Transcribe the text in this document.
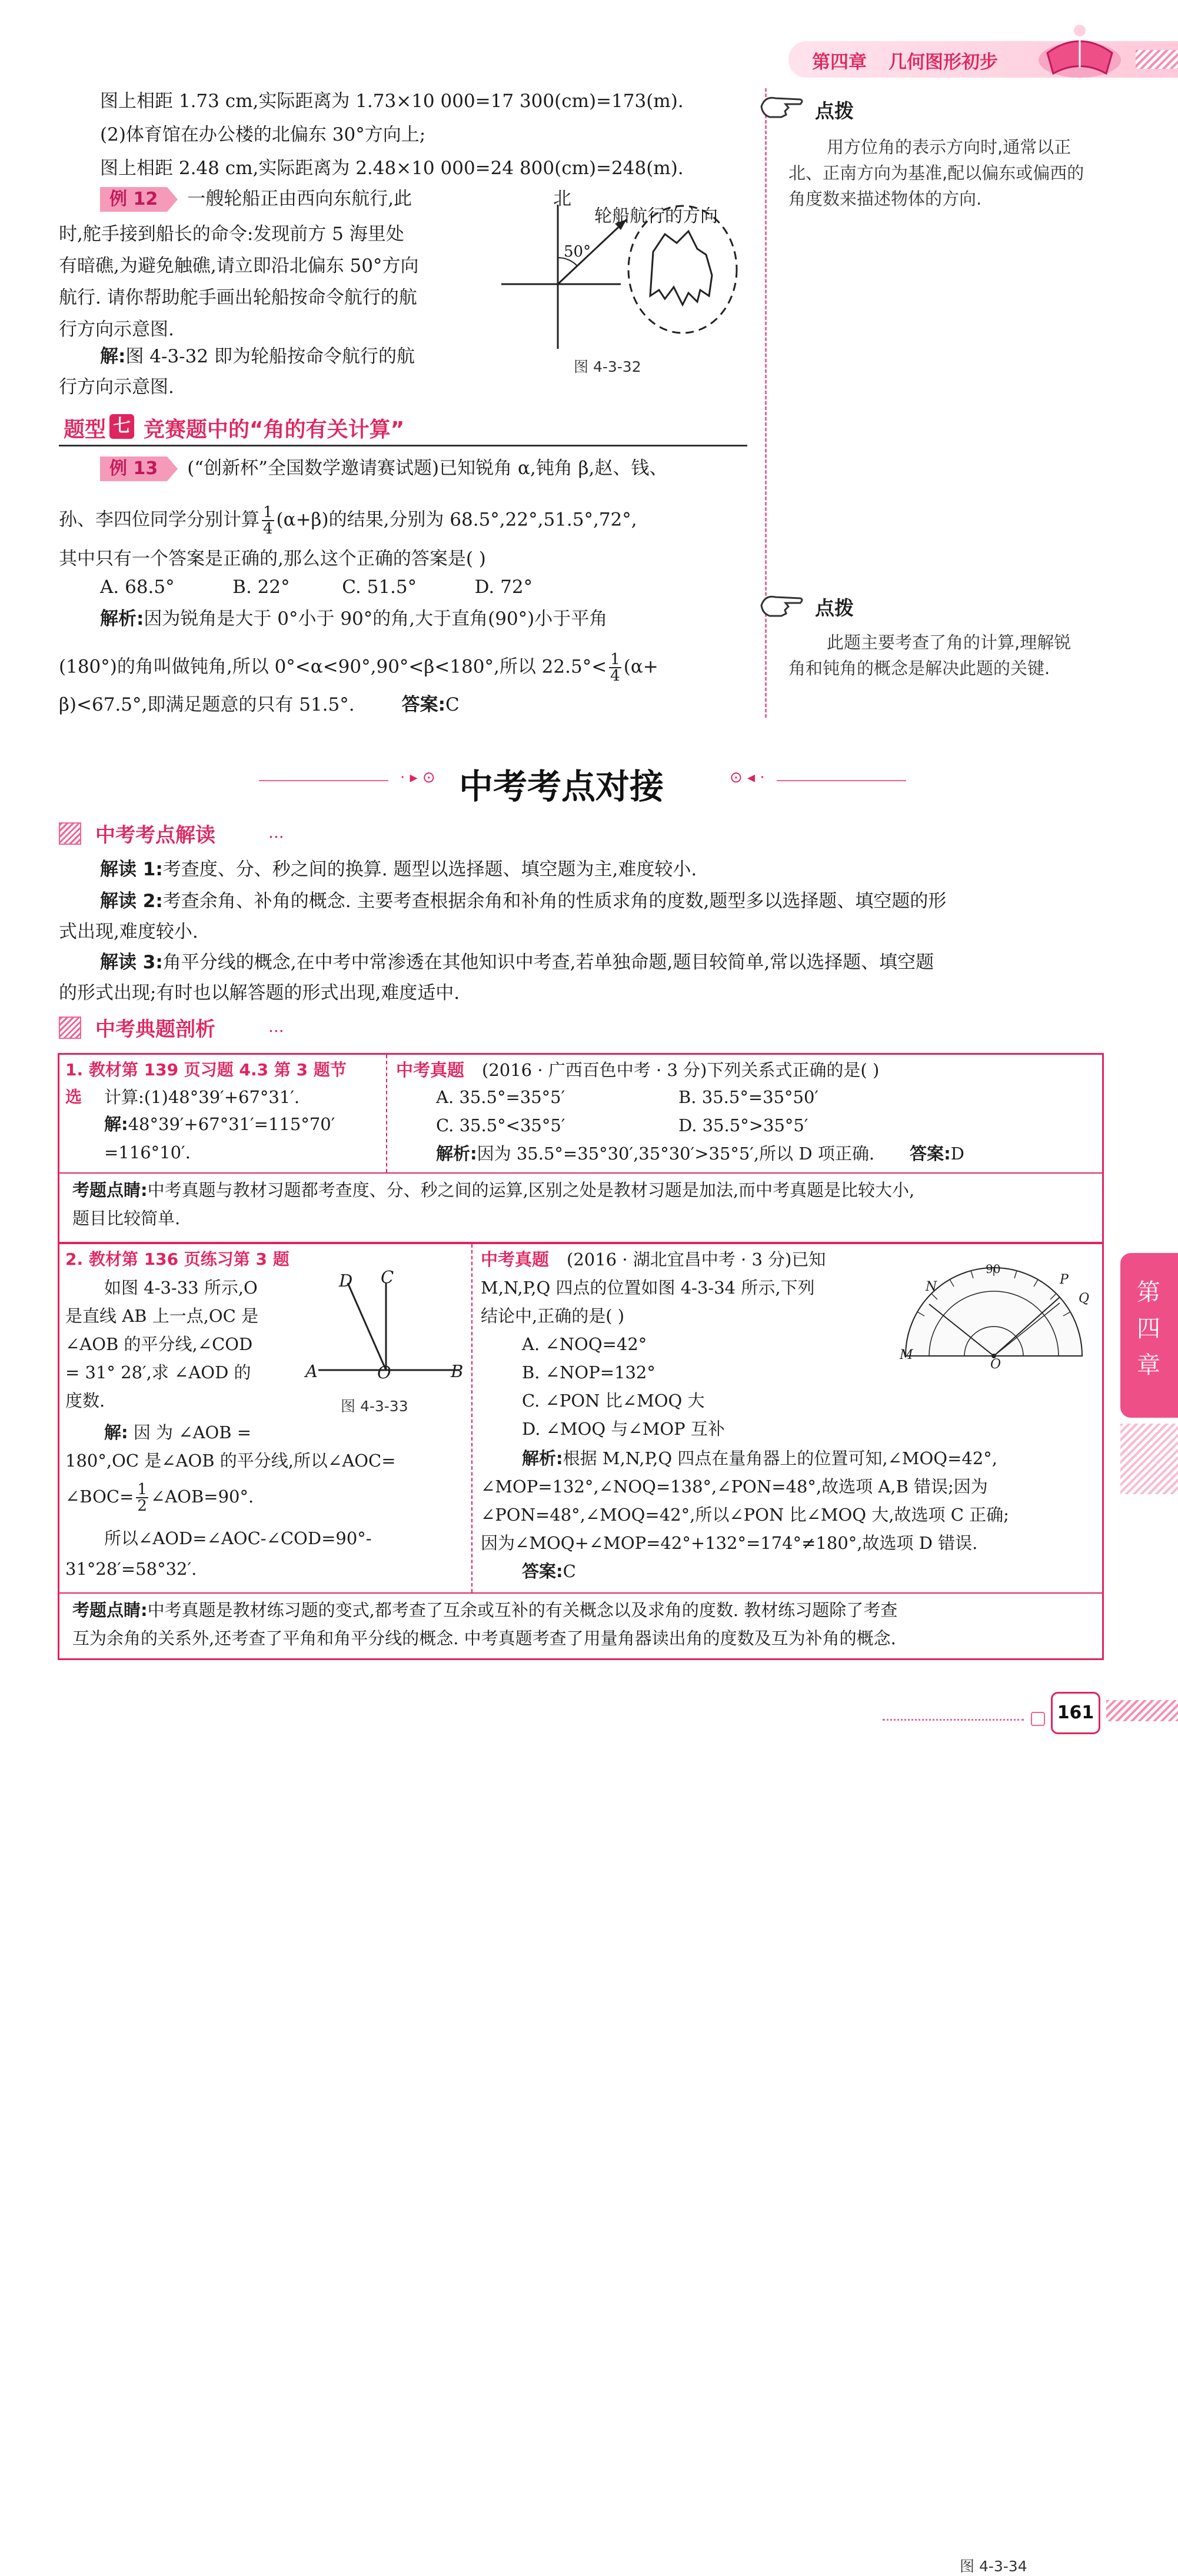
第四章 几何图形初步
图上相距 1.73 cm,实际距离为 1.73×10 000=17 300(cm)=173(m).
(2)体育馆在办公楼的北偏东 30°方向上;
图上相距 2.48 cm,实际距离为 2.48×10 000=24 800(cm)=248(m).
例 12 一艘轮船正由西向东航行,此
时,舵手接到船长的命令:发现前方 5 海里处
有暗礁,为避免触礁,请立即沿北偏东 50°方向
航行. 请你帮助舵手画出轮船按命令航行的航
行方向示意图.
解:图 4-3-32 即为轮船按命令航行的航
行方向示意图.
北
轮船航行的方向
50°
图 4-3-32
点拨
用方位角的表示方向时,通常以正
北、正南方向为基准,配以偏东或偏西的
角度数来描述物体的方向.
题型 七 竞赛题中的“角的有关计算”
例 13 (“创新杯”全国数学邀请赛试题)已知锐角 α,钝角 β,赵、钱、
孙、李四位同学分别计算 $\frac{1}{4} (\alpha+\beta)$的结果,分别为 68.5°,22°,51.5°,72°,
其中只有一个答案是正确的,那么这个正确的答案是( )
A. 68.5°          B. 22°         C. 51.5°          D. 72°
解析:因为锐角是大于 0°小于 90°的角,大于直角(90°)小于平角
(180°)的角叫做钝角,所以 0°<α<90°,90°<β<180°,所以 $22.5^\circ< \frac{1}{4} (\alpha+$
β)<67.5°,即满足题意的只有 51.5°.	答案:C
点拨
此题主要考查了角的计算,理解锐
角和钝角的概念是解决此题的关键.
· ▸ ⊙ 中考考点对接	⊙ ◂ ·
中考考点解读	...
解读 1:考查度、分、秒之间的换算. 题型以选择题、填空题为主,难度较小.
解读 2:考查余角、补角的概念. 主要考查根据余角和补角的性质求角的度数,题型多以选择题、填空题的形
式出现,难度较小.
解读 3:角平分线的概念,在中考中常渗透在其他知识中考查,若单独命题,题目较简单,常以选择题、填空题
的形式出现;有时也以解答题的形式出现,难度适中.
中考典题剖析	...
1. 教材第 139 页习题 4.3 第 3 题节
选 计算:(1)48°39′+67°31′.
解:48°39′+67°31′=115°70′
=116°10′.
中考真题 (2016 · 广西百色中考 · 3 分)下列关系式正确的是( )
A. 35.5°=35°5′	B. 35.5°=35°50′
C. 35.5°<35°5′	D. 35.5°>35°5′
解析:因为 35.5°=35°30′,35°30′>35°5′,所以 D 项正确. 答案:D
考题点睛:中考真题与教材习题都考查度、分、秒之间的运算,区别之处是教材习题是加法,而中考真题是比较大小,
题目比较简单.
2. 教材第 136 页练习第 3 题
如图 4-3-33 所示,O
是直线 AB 上一点,OC 是
∠AOB 的平分线,∠COD
= 31° 28′,求 ∠AOD 的
度数.
D C
A	O	B
图 4-3-33
解: 因 为 ∠AOB =
180°,OC 是∠AOB 的平分线,所以∠AOC=
∠BOC= $\frac{1}{2}$ ∠AOB=90°.
所以∠AOD=∠AOC-∠COD=90°-
31°28′=58°32′.
中考真题 (2016 · 湖北宜昌中考 · 3 分)已知
M,N,P,Q 四点的位置如图 4-3-34 所示,下列
结论中,正确的是( )
A. ∠NOQ=42°
B. ∠NOP=132°
C. ∠PON 比∠MOQ 大
D. ∠MOQ 与∠MOP 互补
N
Q
P
M
O
90
图 4-3-34
解析:根据 M,N,P,Q 四点在量角器上的位置可知,∠MOQ=42°,
∠MOP=132°,∠NOQ=138°,∠PON=48°,故选项 A,B 错误;因为
∠PON=48°,∠MOQ=42°,所以∠PON 比∠MOQ 大,故选项 C 正确;
因为∠MOQ+∠MOP=42°+132°=174°≠180°,故选项 D 错误.
答案:C
考题点睛:中考真题是教材练习题的变式,都考查了互余或互补的有关概念以及求角的度数. 教材练习题除了考查
互为余角的关系外,还考查了平角和角平分线的概念. 中考真题考查了用量角器读出角的度数及互为补角的概念.
第四章
161
